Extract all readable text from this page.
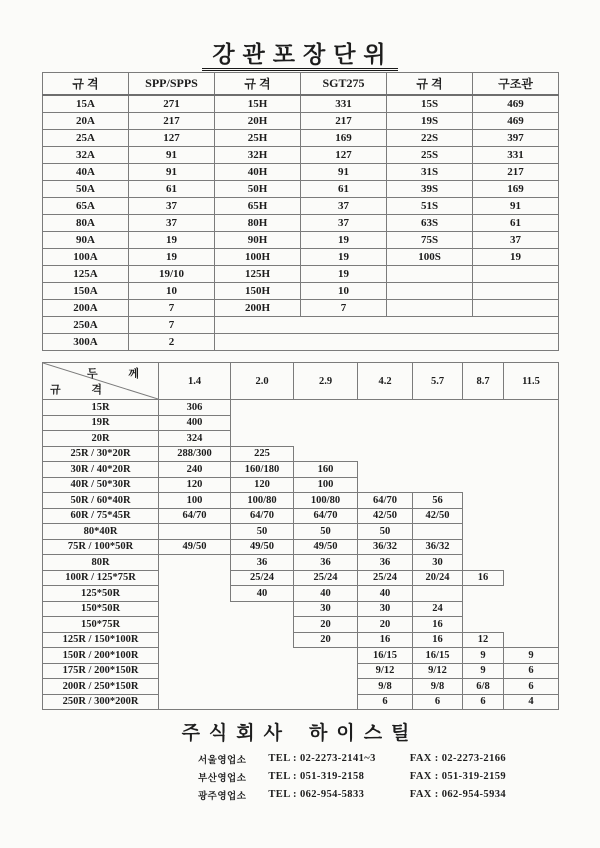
강관포장단위
규 격	SPP/SPPS	규 격	SGT275	규 격	구조관
15A	271	15H	331	15S	469
20A	217	20H	217	19S	469
25A	127	25H	169	22S	397
32A	91	32H	127	25S	331
40A	91	40H	91	31S	217
50A	61	50H	61	39S	169
65A	37	65H	37	51S	91
80A	37	80H	37	63S	61
90A	19	90H	19	75S	37
100A	19	100H	19	100S	19
125A	19/10	125H	19		
150A	10	150H	10		
200A	7	200H	7		
250A	7				
300A	2				
두 께
규 격	1.4	2.0	2.9	4.2	5.7	8.7	11.5
15R	306						
19R	400						
20R	324						
25R / 30*20R	288/300	225					
30R / 40*20R	240	160/180	160				
40R / 50*30R	120	120	100				
50R / 60*40R	100	100/80	100/80	64/70	56		
60R / 75*45R	64/70	64/70	64/70	42/50	42/50		
80*40R		50	50	50			
75R / 100*50R	49/50	49/50	49/50	36/32	36/32		
80R		36	36	36	30		
100R / 125*75R		25/24	25/24	25/24	20/24	16	
125*50R		40	40	40			
150*50R			30	30	24		
150*75R			20	20	16		
125R / 150*100R			20	16	16	12	
150R / 200*100R				16/15	16/15	9	9
175R / 200*150R				9/12	9/12	9	6
200R / 250*150R				9/8	9/8	6/8	6
250R / 300*200R				6	6	6	4
주식회사 하이스틸
서울영업소 TEL : 02-2273-2141~3	FAX : 02-2273-2166
부산영업소 TEL : 051-319-2158	FAX : 051-319-2159
광주영업소 TEL : 062-954-5833	FAX : 062-954-5934
